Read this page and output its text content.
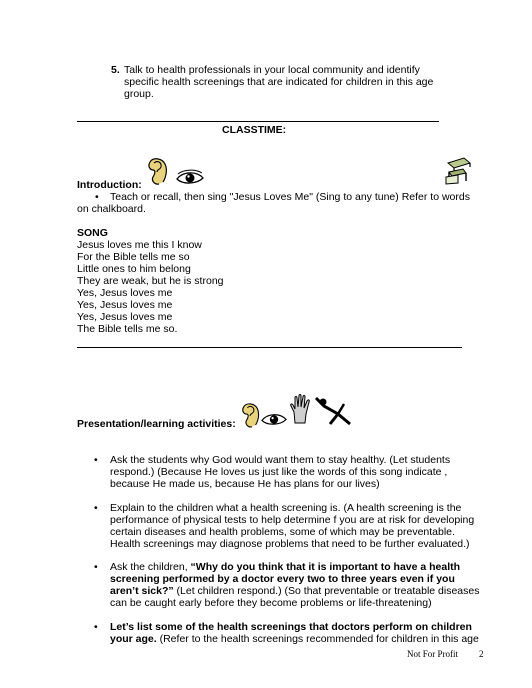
5. Talk to health professionals in your local community and identify
specific health screenings that are indicated for children in this age
group.
CLASSTIME:
Introduction:
• Teach or recall, then sing "Jesus Loves Me" (Sing to any tune) Refer to words
on chalkboard.
SONG
Jesus loves me this I know
For the Bible tells me so
Little ones to him belong
They are weak, but he is strong
Yes, Jesus loves me
Yes, Jesus loves me
Yes, Jesus loves me
The Bible tells me so.
Presentation/learning activities:
• Ask the students why God would want them to stay healthy. (Let students
respond.) (Because He loves us just like the words of this song indicate ,
because He made us, because He has plans for our lives)
• Explain to the children what a health screening is. (A health screening is the
performance of physical tests to help determine f you are at risk for developing
certain diseases and health problems, some of which may be preventable.
Health screenings may diagnose problems that need to be further evaluated.)
• Ask the children, “Why do you think that it is important to have a health
screening performed by a doctor every two to three years even if you
aren’t sick?” (Let children respond.) (So that preventable or treatable diseases
can be caught early before they become problems or life-threatening)
• Let’s list some of the health screenings that doctors perform on children
your age. (Refer to the health screenings recommended for children in this age
Not For Profit 2
